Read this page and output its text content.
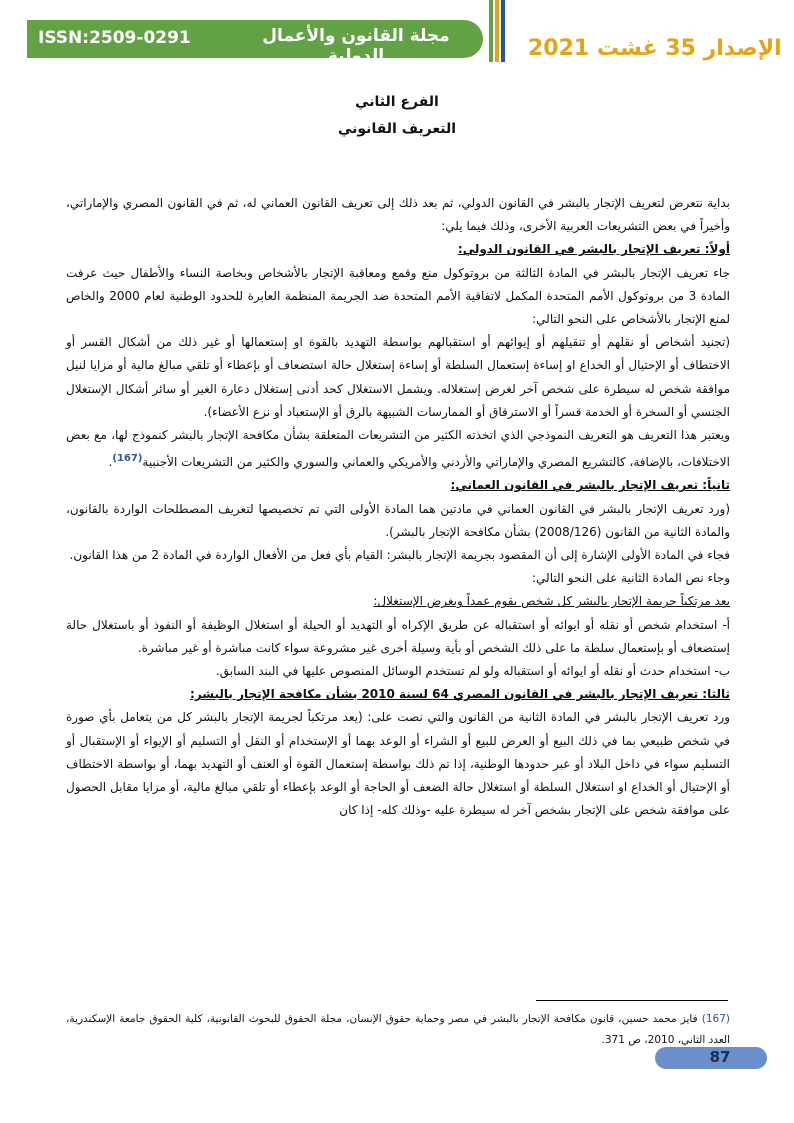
ISSN:2509-0291	مجلة القانون والأعمال الدولية	الإصدار 35 غشت 2021
الفرع الثاني
التعريف القانوني

بداية نتعرض لتعريف الإتجار بالبشر في القانون الدولي، ثم بعد ذلك إلى تعريف القانون العماني له، ثم في القانون المصري والإماراتي، وأخيراً في بعض التشريعات العربية الأخرى، وذلك فيما يلي:

أولاً: تعريف الإتجار بالبشر في القانون الدولي:

جاء تعريف الإتجار بالبشر في المادة الثالثة من بروتوكول منع وقمع ومعاقبة الإتجار بالأشخاص وبخاصة النساء والأطفال حيث عرفت المادة 3 من بروتوكول الأمم المتحدة المكمل لاتفاقية الأمم المتحدة ضد الجريمة المنظمة العابرة للحدود الوطنية لعام 2000 والخاص لمنع الإتجار بالأشخاص على النحو التالي:

(تجنيد أشخاص أو نقلهم أو تنقيلهم أو إيوائهم أو استقبالهم بواسطة التهديد بالقوة او إستعمالها أو غير ذلك من أشكال القسر أو الاختطاف أو الإحتيال أو الخداع او إساءة إستعمال السلطة أو إساءة إستغلال حالة استضعاف أو بإعطاء أو تلقي مبالغ مالية أو مزايا لنيل موافقة شخص له سيطرة على شخص آخر لغرض إستغلاله. ويشمل الاستغلال كحد أدنى إستغلال دعارة الغير أو سائر أشكال الإستغلال الجنسي أو السخرة أو الخدمة قسراً أو الاسترقاق أو الممارسات الشبيهة بالرق أو الإستعباد أو نزع الأعضاء).

ويعتبر هذا التعريف هو التعريف النموذجي الذي اتخذته الكثير من التشريعات المتعلقة بشأن مكافحة الإتجار بالبشر كنموذج لها، مع بعض الاختلافات، بالإضافة، كالتشريع المصري والإماراتي والأردني والأمريكي والعماني والسوري والكثير من التشريعات الأجنبية$^{(167)}$.

ثانياً: تعريف الإتجار بالبشر في القانون العماني:

(ورد تعريف الإتجار بالبشر في القانون العماني في مادتين هما المادة الأولى التي تم تخصيصها لتعريف المصطلحات الواردة بالقانون، والمادة الثانية من القانون (2008/126) بشأن مكافحة الإتجار بالبشر).

فجاء في المادة الأولى الإشارة إلى أن المقصود بجريمة الإتجار بالبشر: القيام بأي فعل من الأفعال الواردة في المادة 2 من هذا القانون.

وجاء نص المادة الثانية على النحو التالي:

يعد مرتكباً جريمة الإتجار بالبشر كل شخص يقوم عمداً وبغرض الإستغلال:

أ- استخدام شخص أو نقله أو ايوائه أو استقباله عن طريق الإكراه أو التهديد أو الحيلة أو استغلال الوظيفة أو النفوذ أو باستغلال حالة إستضعاف أو بإستعمال سلطة ما على ذلك الشخص أو بأية وسيلة أخرى غير مشروعة سواء كانت مباشرة أو غير مباشرة.

ب- استخدام حدث أو نقله أو ايوائه أو استقباله ولو لم تستخدم الوسائل المنصوص عليها في البند السابق.

ثالثا: تعريف الإتجار بالبشر في القانون المصري 64 لسنة 2010 بشأن مكافحة الإتجار بالبشر:

ورد تعريف الإتجار بالبشر في المادة الثانية من القانون والتي نصت على: (يعد مرتكباً لجريمة الإتجار بالبشر كل من يتعامل بأي صورة في شخص طبيعي بما في ذلك البيع أو العرض للبيع أو الشراء أو الوعد بهما أو الإستخدام أو النقل أو التسليم أو الإيواء أو الإستقبال أو التسليم سواء في داخل البلاد أو عبر حدودها الوطنية، إذا تم ذلك بواسطة إستعمال القوة أو العنف أو التهديد بهما، أو بواسطة الاختطاف أو الإحتيال أو الخداع او استغلال السلطة أو استغلال حالة الضعف أو الحاجة أو الوعد بإعطاء أو تلقي مبالغ مالية، أو مزايا مقابل الحصول على موافقة شخص على الإتجار بشخص آخر له سيطرة عليه -وذلك كله- إذا كان

(167) فايز محمد حسين، قانون مكافحة الإتجار بالبشر في مصر وحماية حقوق الإنسان، مجلة الحقوق للبحوث القانونية، كلية الحقوق جامعة الإسكندرية، العدد الثاني، 2010، ص 371.
87
